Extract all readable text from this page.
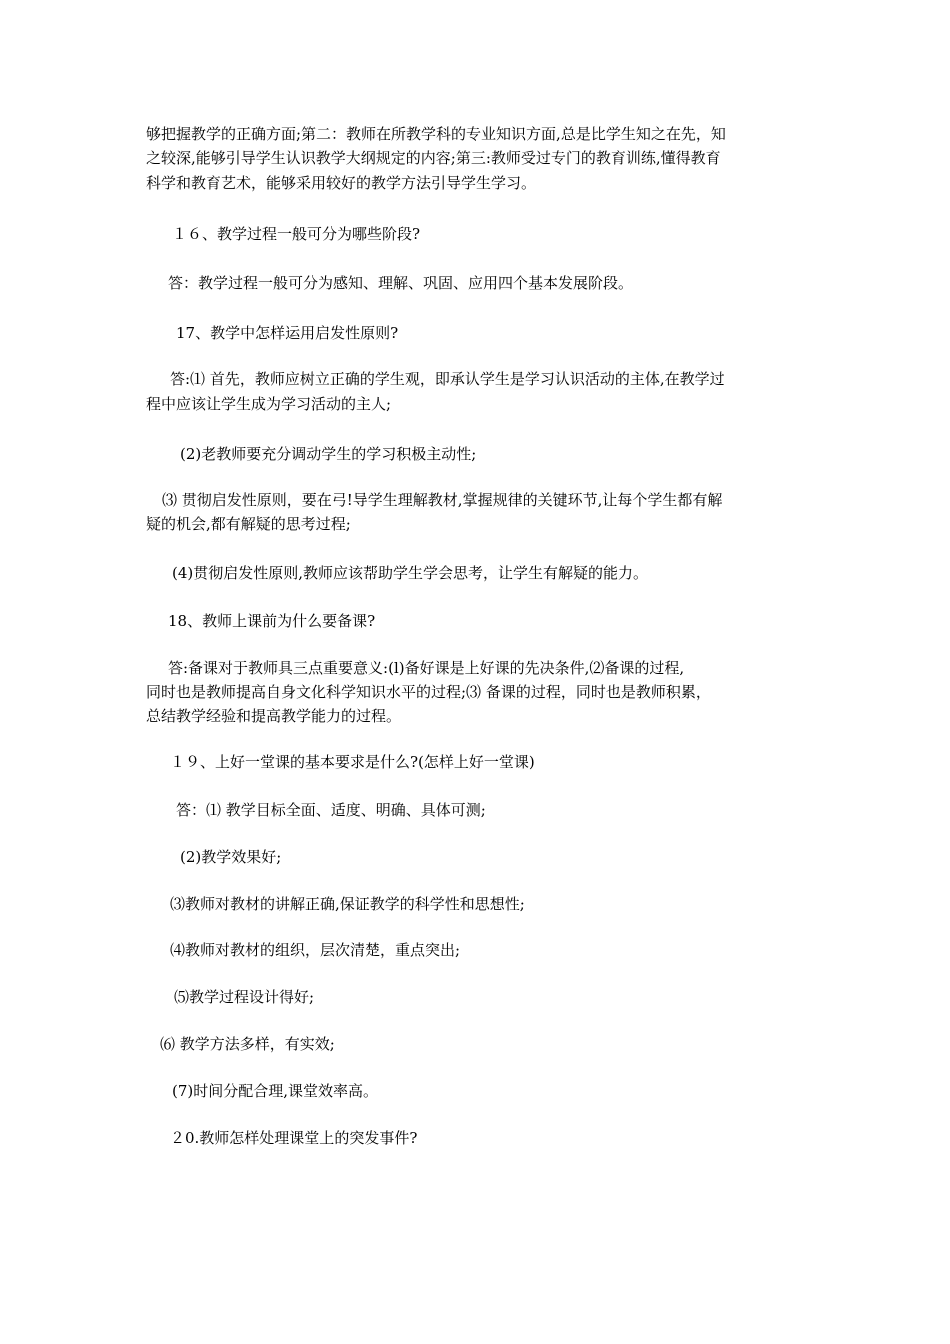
够把握教学的正确方面;第二：教师在所教学科的专业知识方面,总是比学生知之在先，知
之较深,能够引导学生认识教学大纲规定的内容;第三:教师受过专门的教育训练,懂得教育
科学和教育艺术，能够采用较好的教学方法引导学生学习。
１６、教学过程一般可分为哪些阶段?
答：教学过程一般可分为感知、理解、巩固、应用四个基本发展阶段。
17、教学中怎样运用启发性原则?
答:⑴ 首先，教师应树立正确的学生观，即承认学生是学习认识活动的主体,在教学过
程中应该让学生成为学习活动的主人;
(2)老教师要充分调动学生的学习积极主动性;
⑶ 贯彻启发性原则，要在弓!导学生理解教材,掌握规律的关键环节,让每个学生都有解
疑的机会,都有解疑的思考过程;
(4)贯彻启发性原则,教师应该帮助学生学会思考，让学生有解疑的能力。
18、教师上课前为什么要备课?
答:备课对于教师具三点重要意义:(l)备好课是上好课的先决条件,⑵备课的过程,
同时也是教师提高自身文化科学知识水平的过程;⑶ 备课的过程，同时也是教师积累，
总结教学经验和提高教学能力的过程。
１９、上好一堂课的基本要求是什么?(怎样上好一堂课)
答：⑴ 教学目标全面、适度、明确、具体可测;
(2)教学效果好;
⑶教师对教材的讲解正确,保证教学的科学性和思想性;
⑷教师对教材的组织，层次清楚，重点突出;
⑸教学过程设计得好;
⑹ 教学方法多样，有实效;
(7)时间分配合理,课堂效率高。
２0.教师怎样处理课堂上的突发事件?
